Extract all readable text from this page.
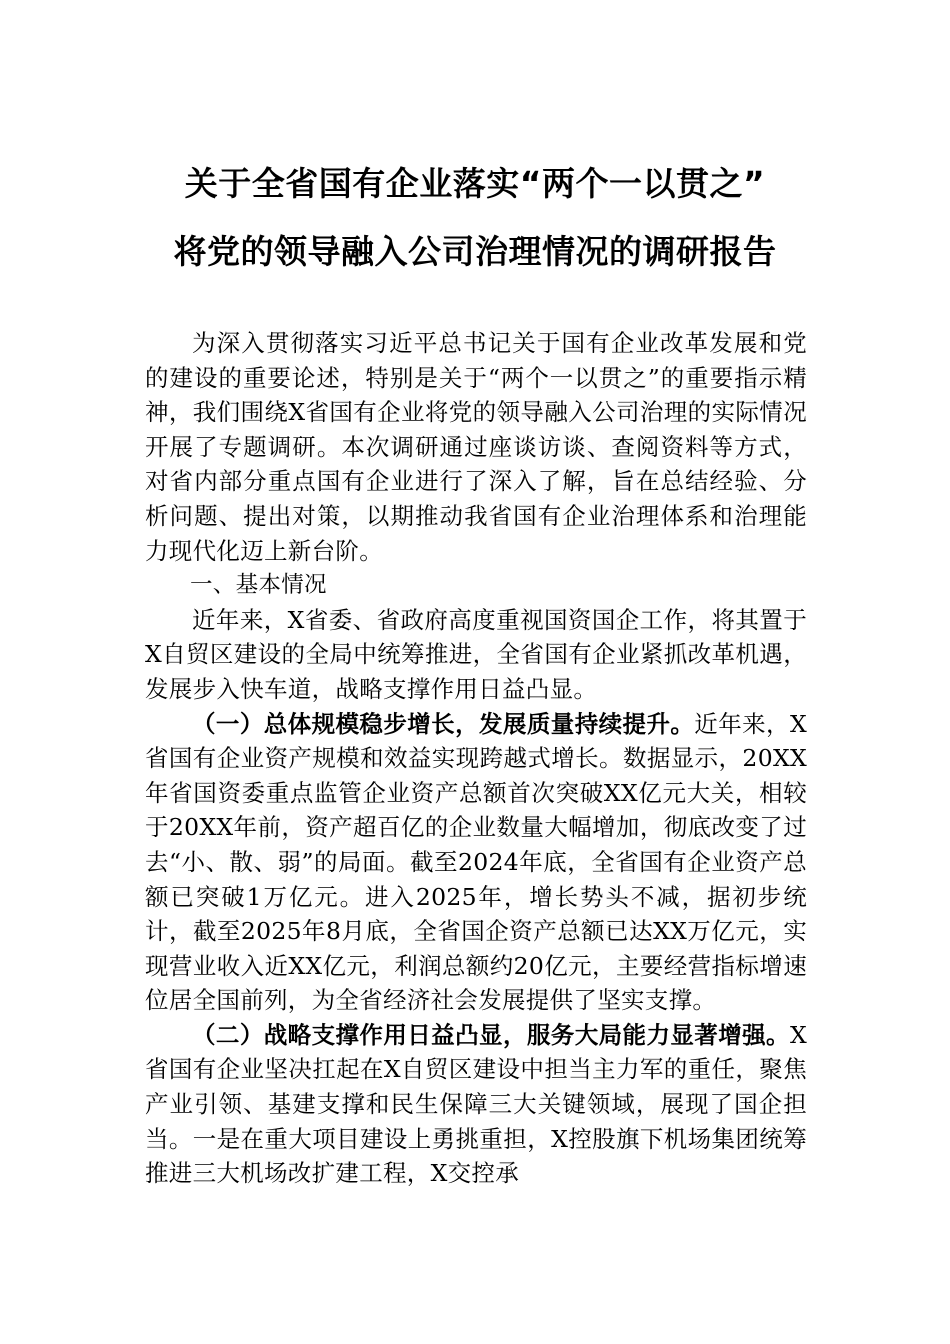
关于全省国有企业落实“两个一以贯之”
将党的领导融入公司治理情况的调研报告

为深入贯彻落实习近平总书记关于国有企业改革发展和党的建设的重要论述，特别是关于“两个一以贯之”的重要指示精神，我们围绕X省国有企业将党的领导融入公司治理的实际情况开展了专题调研。本次调研通过座谈访谈、查阅资料等方式，对省内部分重点国有企业进行了深入了解，旨在总结经验、分析问题、提出对策，以期推动我省国有企业治理体系和治理能力现代化迈上新台阶。

一、基本情况

近年来，X省委、省政府高度重视国资国企工作，将其置于X自贸区建设的全局中统筹推进，全省国有企业紧抓改革机遇，发展步入快车道，战略支撑作用日益凸显。

（一）总体规模稳步增长，发展质量持续提升。近年来，X省国有企业资产规模和效益实现跨越式增长。数据显示，20XX年省国资委重点监管企业资产总额首次突破XX亿元大关，相较于20XX年前，资产超百亿的企业数量大幅增加，彻底改变了过去“小、散、弱”的局面。截至2024年底，全省国有企业资产总额已突破1万亿元。进入2025年，增长势头不减，据初步统计，截至2025年8月底，全省国企资产总额已达XX万亿元，实现营业收入近XX亿元，利润总额约20亿元，主要经营指标增速位居全国前列，为全省经济社会发展提供了坚实支撑。

（二）战略支撑作用日益凸显，服务大局能力显著增强。X省国有企业坚决扛起在X自贸区建设中担当主力军的重任，聚焦产业引领、基建支撑和民生保障三大关键领域，展现了国企担当。一是在重大项目建设上勇挑重担，X控股旗下机场集团统筹推进三大机场改扩建工程，X交控承
